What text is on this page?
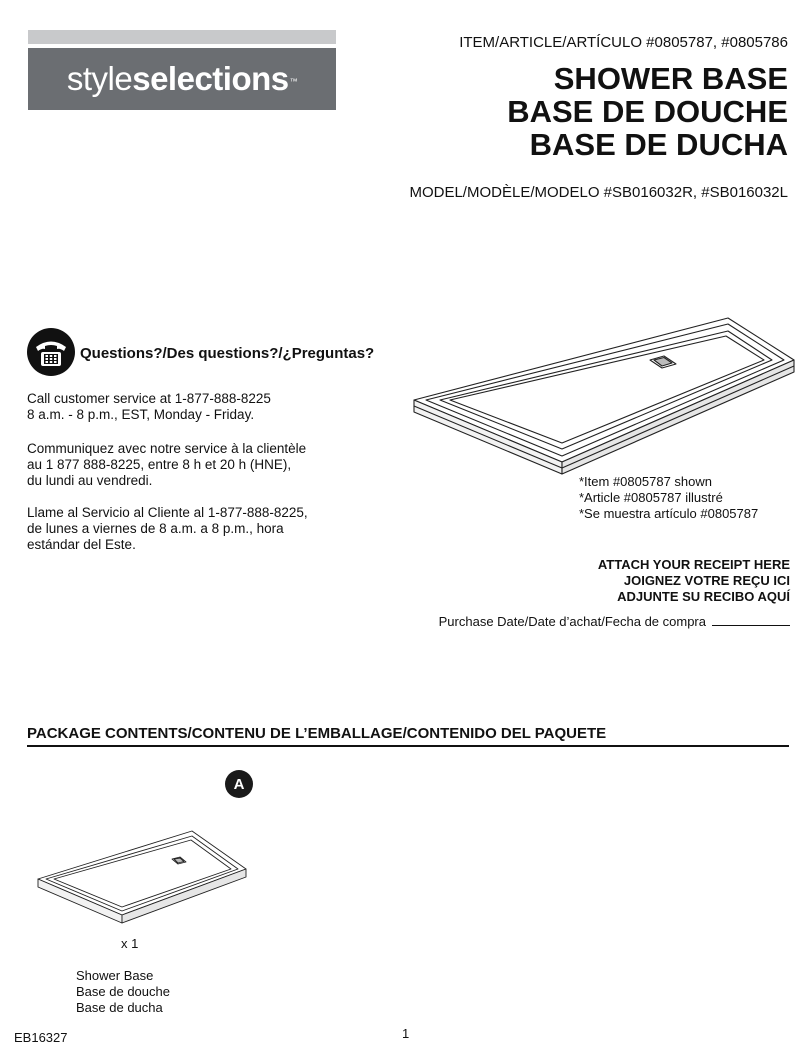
style selections ™
ITEM/ARTICLE/ARTÍCULO #0805787, #0805786
SHOWER BASE
BASE DE DOUCHE
BASE DE DUCHA
MODEL/MODÈLE/MODELO #SB016032R, #SB016032L
Questions?/Des questions?/¿Preguntas?
Call customer service at 1-877-888-8225
8 a.m. - 8 p.m., EST, Monday - Friday.
Communiquez avec notre service à la clientèle
au 1 877 888-8225, entre 8 h et 20 h (HNE),
du lundi au vendredi.
Llame al Servicio al Cliente al 1-877-888-8225,
de lunes a viernes de 8 a.m. a 8 p.m., hora
estándar del Este.
*Item #0805787 shown
*Article #0805787 illustré
*Se muestra artículo #0805787
ATTACH YOUR RECEIPT HERE
JOIGNEZ VOTRE REÇU ICI
ADJUNTE SU RECIBO AQUÍ
Purchase Date/Date d’achat/Fecha de compra
PACKAGE CONTENTS/CONTENU DE L’EMBALLAGE/CONTENIDO DEL PAQUETE
A
x 1
Shower Base
Base de douche
Base de ducha
EB16327	1
